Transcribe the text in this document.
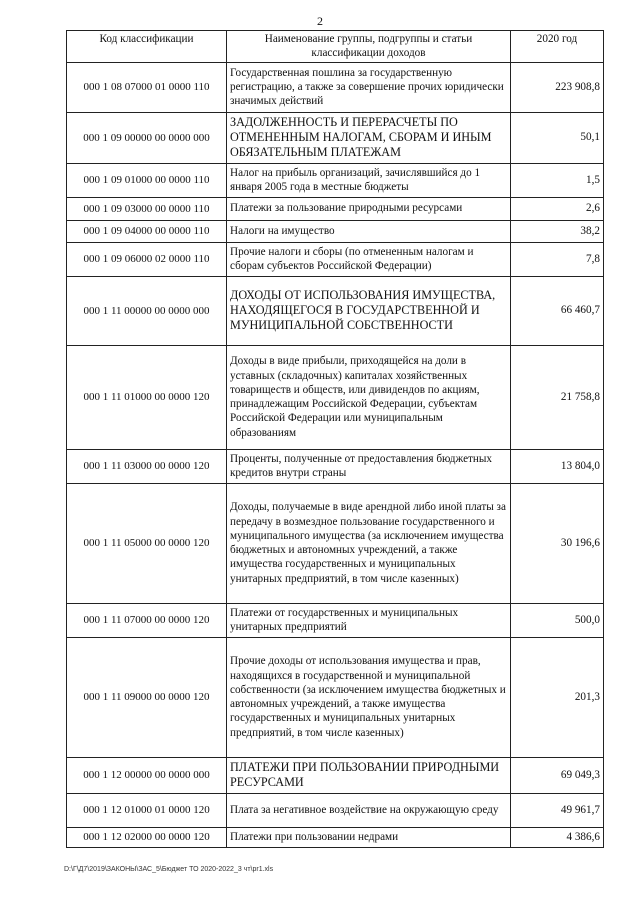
2
Код классификации	Наименование группы, подгруппы и статьи классификации доходов	2020 год
000 1 08 07000 01 0000 110	Государственная пошлина за государственную регистрацию, а также за совершение прочих юридически значимых действий	223 908,8
000 1 09 00000 00 0000 000	ЗАДОЛЖЕННОСТЬ И ПЕРЕРАСЧЕТЫ ПО ОТМЕНЕННЫМ НАЛОГАМ, СБОРАМ И ИНЫМ ОБЯЗАТЕЛЬНЫМ ПЛАТЕЖАМ	50,1
000 1 09 01000 00 0000 110	Налог на прибыль организаций, зачислявшийся до 1 января 2005 года в местные бюджеты	1,5
000 1 09 03000 00 0000 110	Платежи за пользование природными ресурсами	2,6
000 1 09 04000 00 0000 110	Налоги на имущество	38,2
000 1 09 06000 02 0000 110	Прочие налоги и сборы (по отмененным налогам и сборам субъектов Российской Федерации)	7,8
000 1 11 00000 00 0000 000	ДОХОДЫ ОТ ИСПОЛЬЗОВАНИЯ ИМУЩЕСТВА, НАХОДЯЩЕГОСЯ В ГОСУДАРСТВЕННОЙ И МУНИЦИПАЛЬНОЙ СОБСТВЕННОСТИ	66 460,7
000 1 11 01000 00 0000 120	Доходы в виде прибыли, приходящейся на доли в уставных (складочных) капиталах хозяйственных товариществ и обществ, или дивидендов по акциям, принадлежащим Российской Федерации, субъектам Российской Федерации или муниципальным образованиям	21 758,8
000 1 11 03000 00 0000 120	Проценты, полученные от предоставления бюджетных кредитов внутри страны	13 804,0
000 1 11 05000 00 0000 120	Доходы, получаемые в виде арендной либо иной платы за передачу в возмездное пользование государственного и муниципального имущества (за исключением имущества бюджетных и автономных учреждений, а также имущества государственных и муниципальных унитарных предприятий, в том числе казенных)	30 196,6
000 1 11 07000 00 0000 120	Платежи от государственных и муниципальных унитарных предприятий	500,0
000 1 11 09000 00 0000 120	Прочие доходы от использования имущества и прав, находящихся в государственной и муниципальной собственности (за исключением имущества бюджетных и автономных учреждений, а также имущества государственных и муниципальных унитарных предприятий, в том числе казенных)	201,3
000 1 12 00000 00 0000 000	ПЛАТЕЖИ ПРИ ПОЛЬЗОВАНИИ ПРИРОДНЫМИ РЕСУРСАМИ	69 049,3
000 1 12 01000 01 0000 120	Плата за негативное воздействие на окружающую среду	49 961,7
000 1 12 02000 00 0000 120	Платежи при пользовании недрами	4 386,6
D:\Г\Д7\2019\ЗАКОНЫ\ЗАС_5\Бюджет ТО 2020-2022_3 чт\pr1.xls
